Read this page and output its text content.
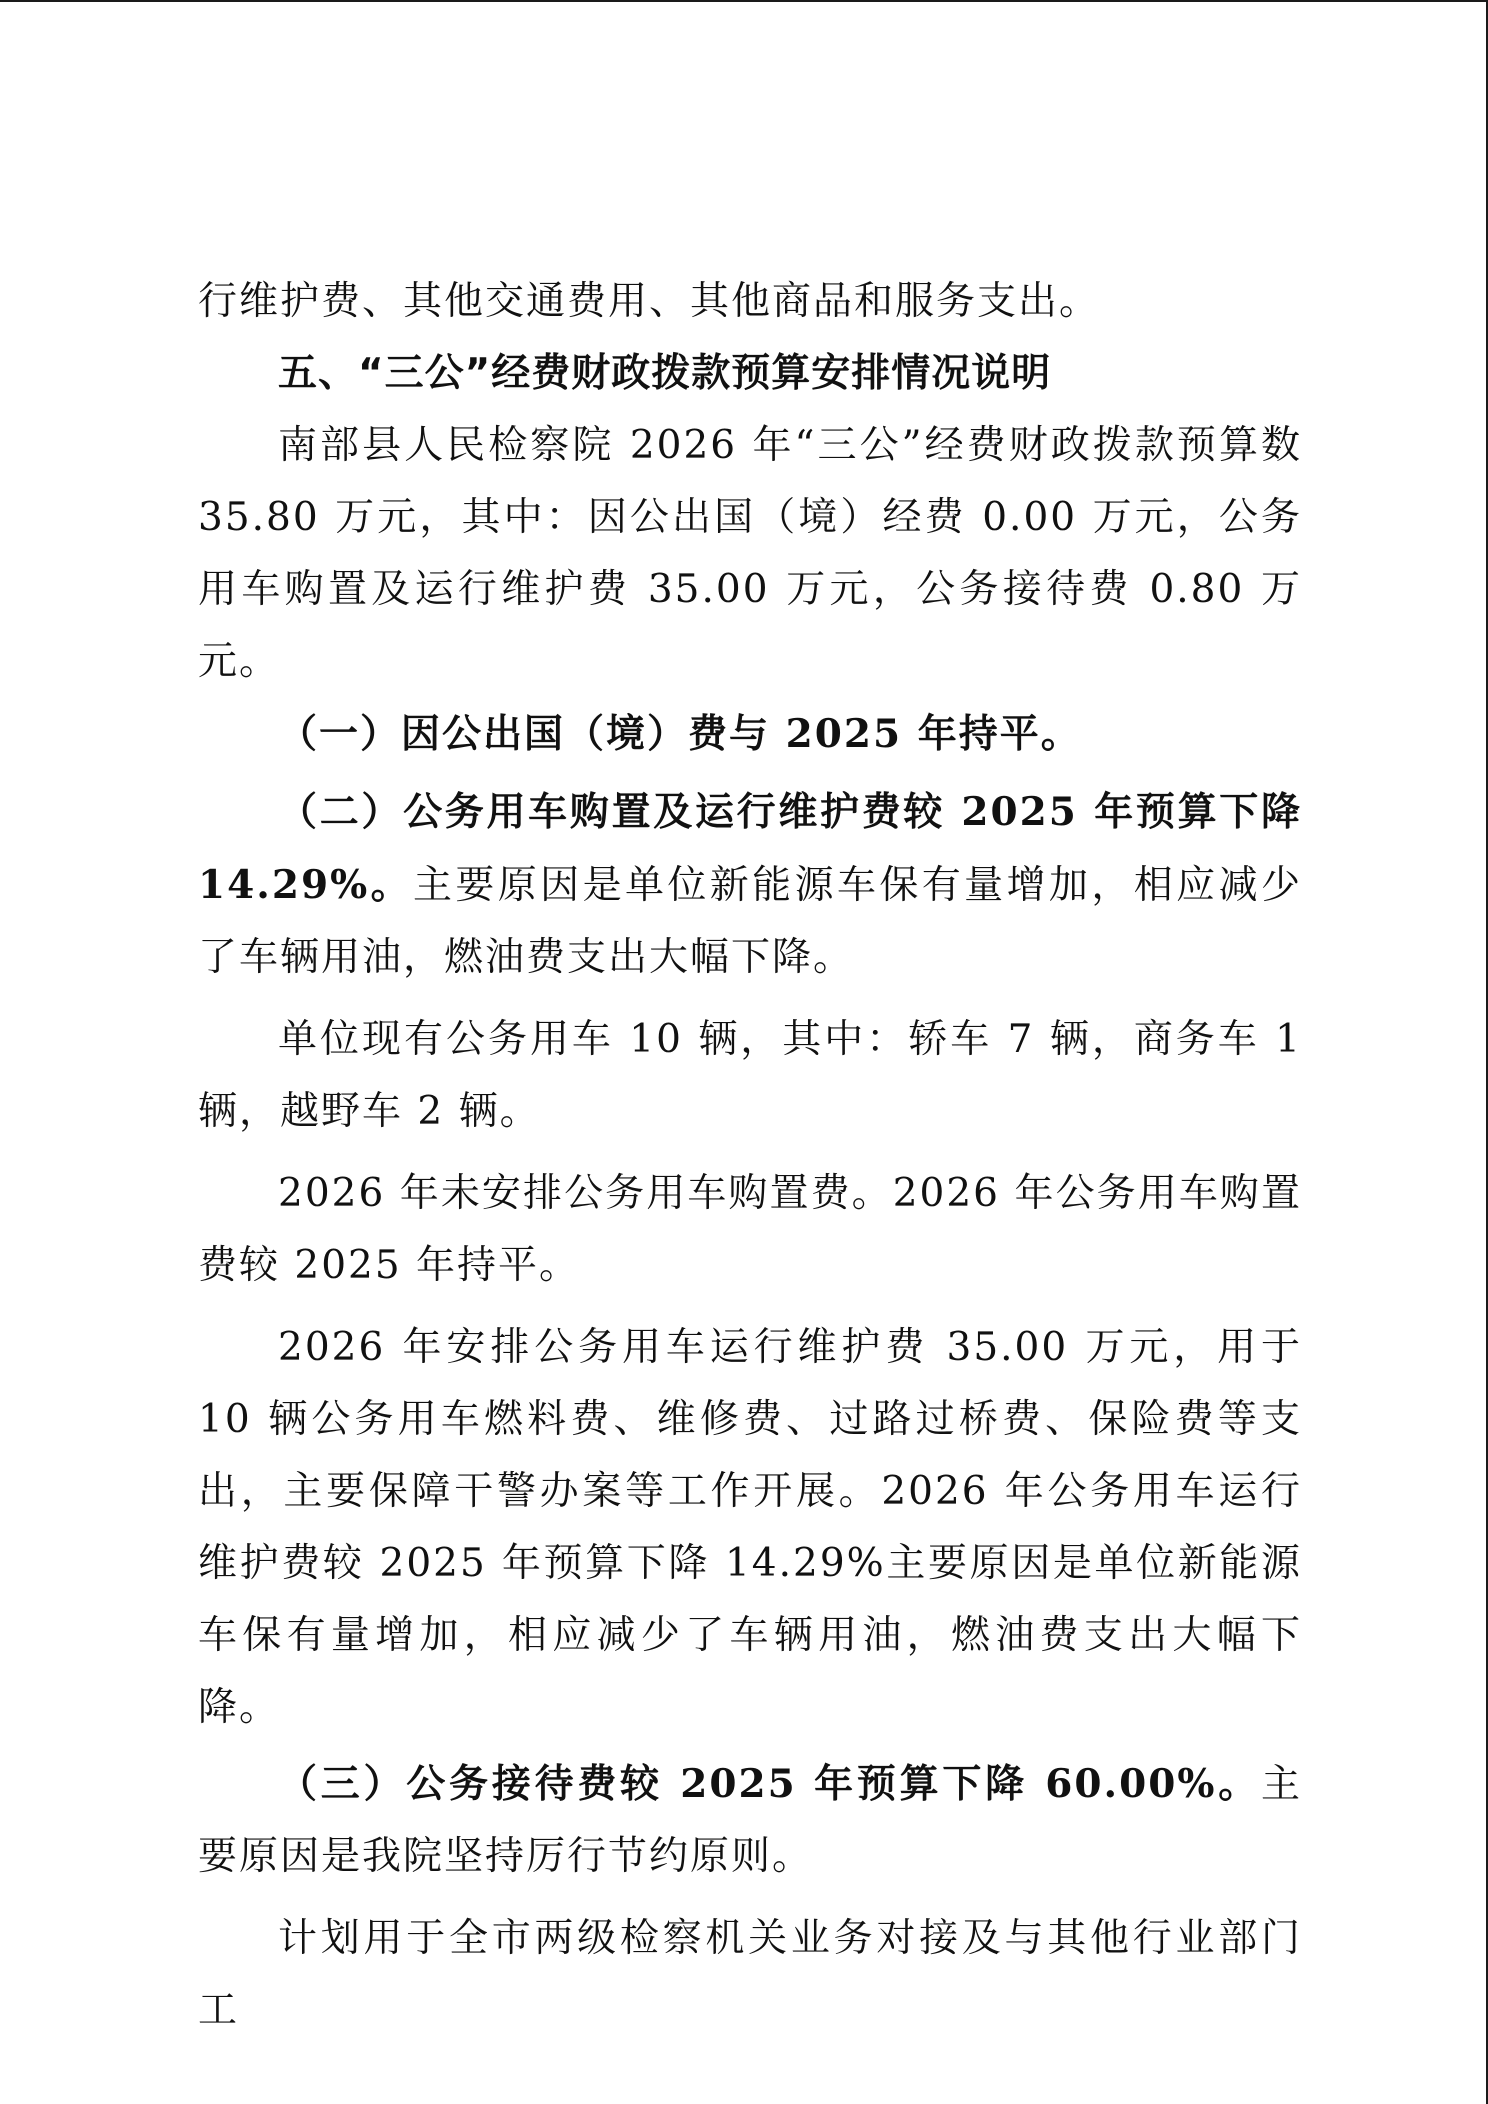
行维护费、其他交通费用、其他商品和服务支出。

五、“三公”经费财政拨款预算安排情况说明

南部县人民检察院 2026 年“三公”经费财政拨款预算数 35.80 万元，其中：因公出国（境）经费 0.00 万元，公务用车购置及运行维护费 35.00 万元，公务接待费 0.80 万元。

（一）因公出国（境）费与 2025 年持平。

（二）公务用车购置及运行维护费较 2025 年预算下降 14.29%。主要原因是单位新能源车保有量增加，相应减少了车辆用油，燃油费支出大幅下降。

单位现有公务用车 10 辆，其中：轿车 7 辆，商务车 1 辆，越野车 2 辆。

2026 年未安排公务用车购置费。2026 年公务用车购置费较 2025 年持平。

2026 年安排公务用车运行维护费 35.00 万元，用于 10 辆公务用车燃料费、维修费、过路过桥费、保险费等支出，主要保障干警办案等工作开展。2026 年公务用车运行维护费较 2025 年预算下降 14.29%主要原因是单位新能源车保有量增加，相应减少了车辆用油，燃油费支出大幅下降。

（三）公务接待费较 2025 年预算下降 60.00%。主要原因是我院坚持厉行节约原则。

计划用于全市两级检察机关业务对接及与其他行业部门工
